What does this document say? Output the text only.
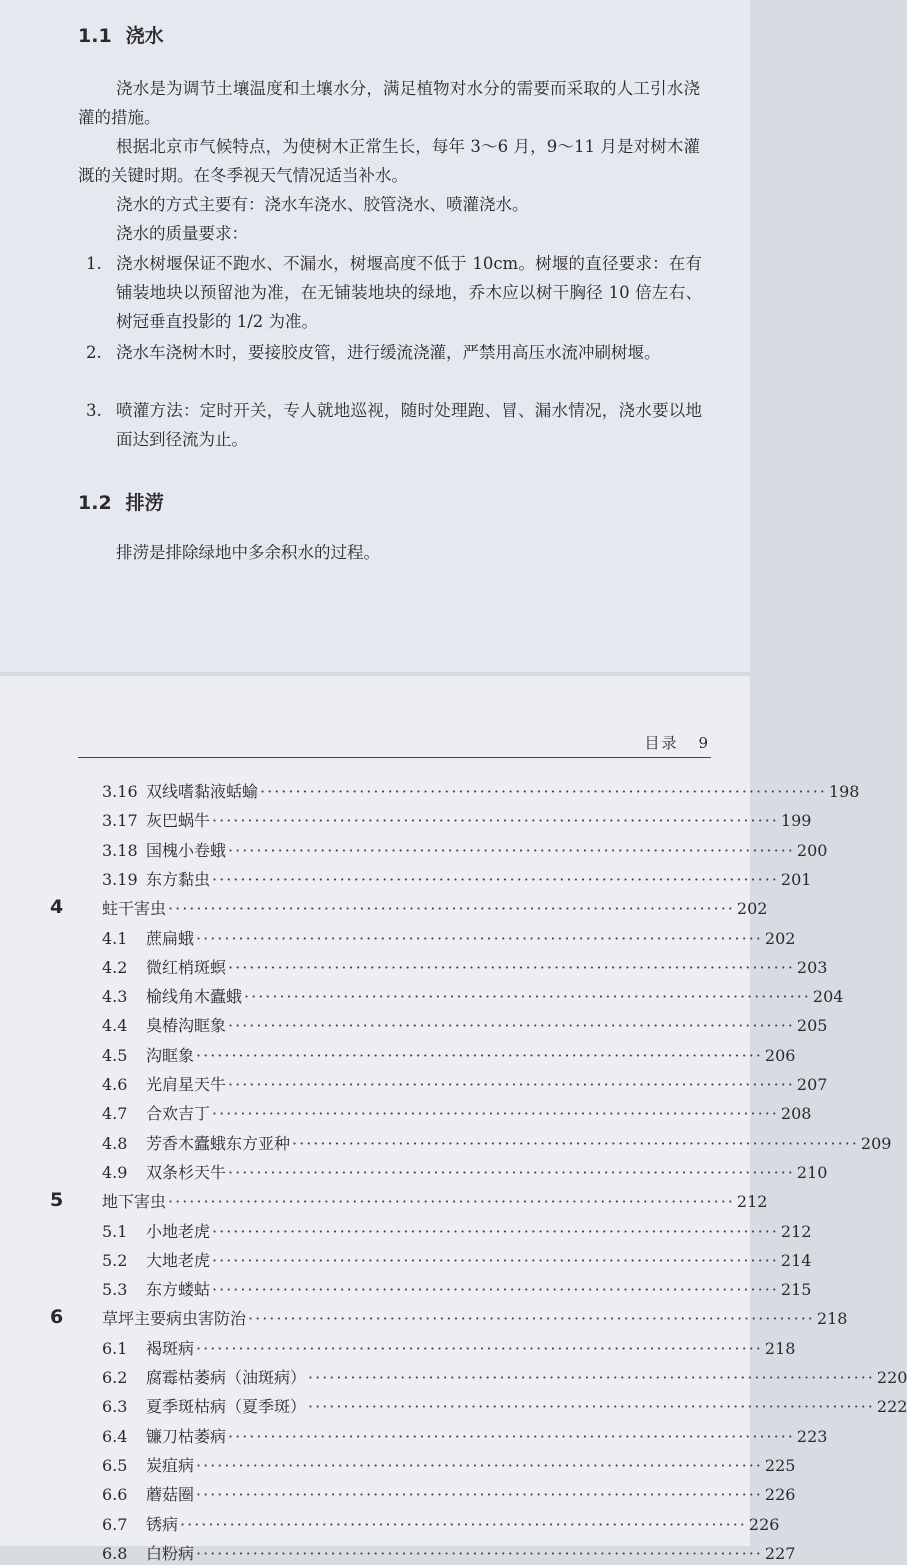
1.1 浇水
浇水是为调节土壤温度和土壤水分，满足植物对水分的需要而采取的人工引水浇灌的措施。
根据北京市气候特点，为使树木正常生长，每年 3～6 月，9～11 月是对树木灌溉的关键时期。在冬季视天气情况适当补水。
浇水的方式主要有：浇水车浇水、胶管浇水、喷灌浇水。
浇水的质量要求：
1. 浇水树堰保证不跑水、不漏水，树堰高度不低于 10cm。树堰的直径要求：在有铺装地块以预留池为准，在无铺装地块的绿地，乔木应以树干胸径 10 倍左右、树冠垂直投影的 1/2 为准。
2. 浇水车浇树木时，要接胶皮管，进行缓流浇灌，严禁用高压水流冲刷树堰。
3. 喷灌方法：定时开关，专人就地巡视，随时处理跑、冒、漏水情况，浇水要以地面达到径流为止。
1.2 排涝
排涝是排除绿地中多余积水的过程。
目录 9
3.16 双线嗜黏液蛞蝓 ················································································ 198
3.17 灰巴蜗牛 ················································································ 199
3.18 国槐小卷蛾 ················································································ 200
3.19 东方黏虫 ················································································ 201
4	蛀干害虫 ················································································ 202
4.1	蔗扁蛾 ················································································ 202
4.2	微红梢斑螟 ················································································ 203
4.3	榆线角木蠹蛾 ················································································ 204
4.4	臭椿沟眶象 ················································································ 205
4.5	沟眶象 ················································································ 206
4.6	光肩星天牛 ················································································ 207
4.7	合欢吉丁 ················································································ 208
4.8	芳香木蠹蛾东方亚种 ················································································ 209
4.9	双条杉天牛 ················································································ 210
5	地下害虫 ················································································ 212
5.1	小地老虎 ················································································ 212
5.2	大地老虎 ················································································ 214
5.3	东方蝼蛄 ················································································ 215
6	草坪主要病虫害防治 ················································································ 218
6.1	褐斑病 ················································································ 218
6.2	腐霉枯萎病（油斑病） ················································································ 220
6.3	夏季斑枯病（夏季斑） ················································································ 222
6.4	镰刀枯萎病 ················································································ 223
6.5	炭疽病 ················································································ 225
6.6	蘑菇圈 ················································································ 226
6.7	锈病 ················································································ 226
6.8	白粉病 ················································································ 227
